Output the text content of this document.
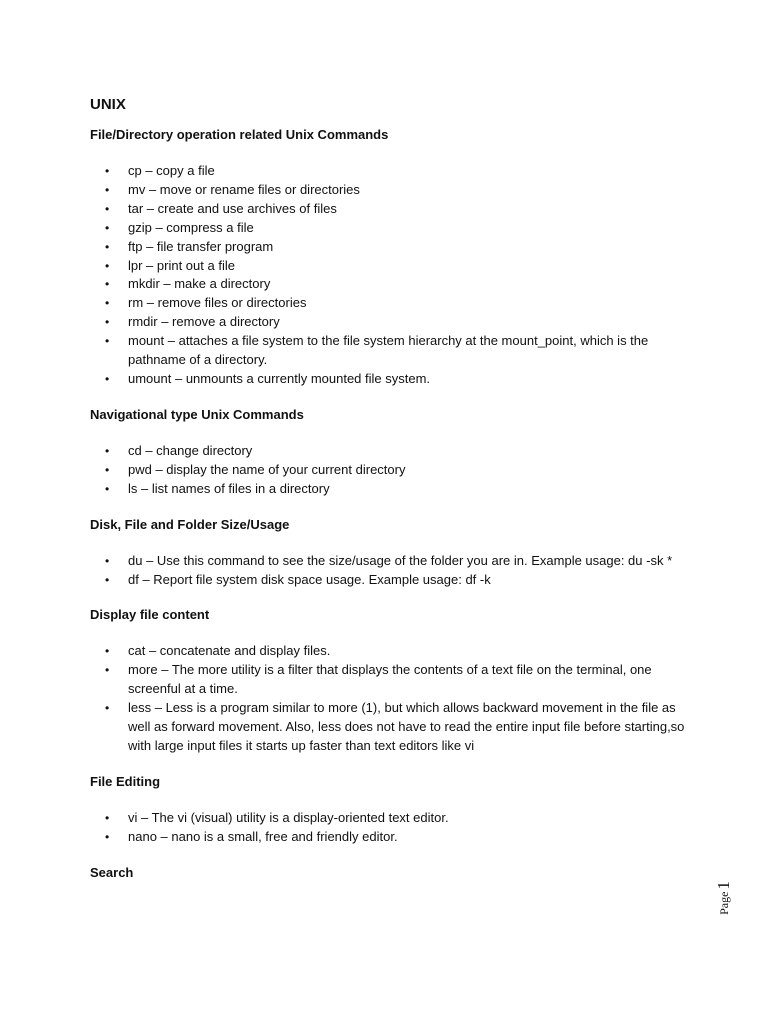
UNIX
File/Directory operation related Unix Commands
• cp – copy a file
• mv – move or rename files or directories
• tar – create and use archives of files
• gzip – compress a file
• ftp – file transfer program
• lpr – print out a file
• mkdir – make a directory
• rm – remove files or directories
• rmdir – remove a directory
• mount – attaches a file system to the file system hierarchy at the mount_point, which is the pathname of a directory.
• umount – unmounts a currently mounted file system.
Navigational type Unix Commands
• cd – change directory
• pwd – display the name of your current directory
• ls – list names of files in a directory
Disk, File and Folder Size/Usage
• du – Use this command to see the size/usage of the folder you are in. Example usage: du -sk *
• df – Report file system disk space usage. Example usage: df -k
Display file content
• cat – concatenate and display files.
• more – The more utility is a filter that displays the contents of a text file on the terminal, one screenful at a time.
• less – Less is a program similar to more (1), but which allows backward movement in the file as well as forward movement. Also, less does not have to read the entire input file before starting,so with large input files it starts up faster than text editors like vi
File Editing
• vi – The vi (visual) utility is a display-oriented text editor.
• nano – nano is a small, free and friendly editor.
Search
Page
1
